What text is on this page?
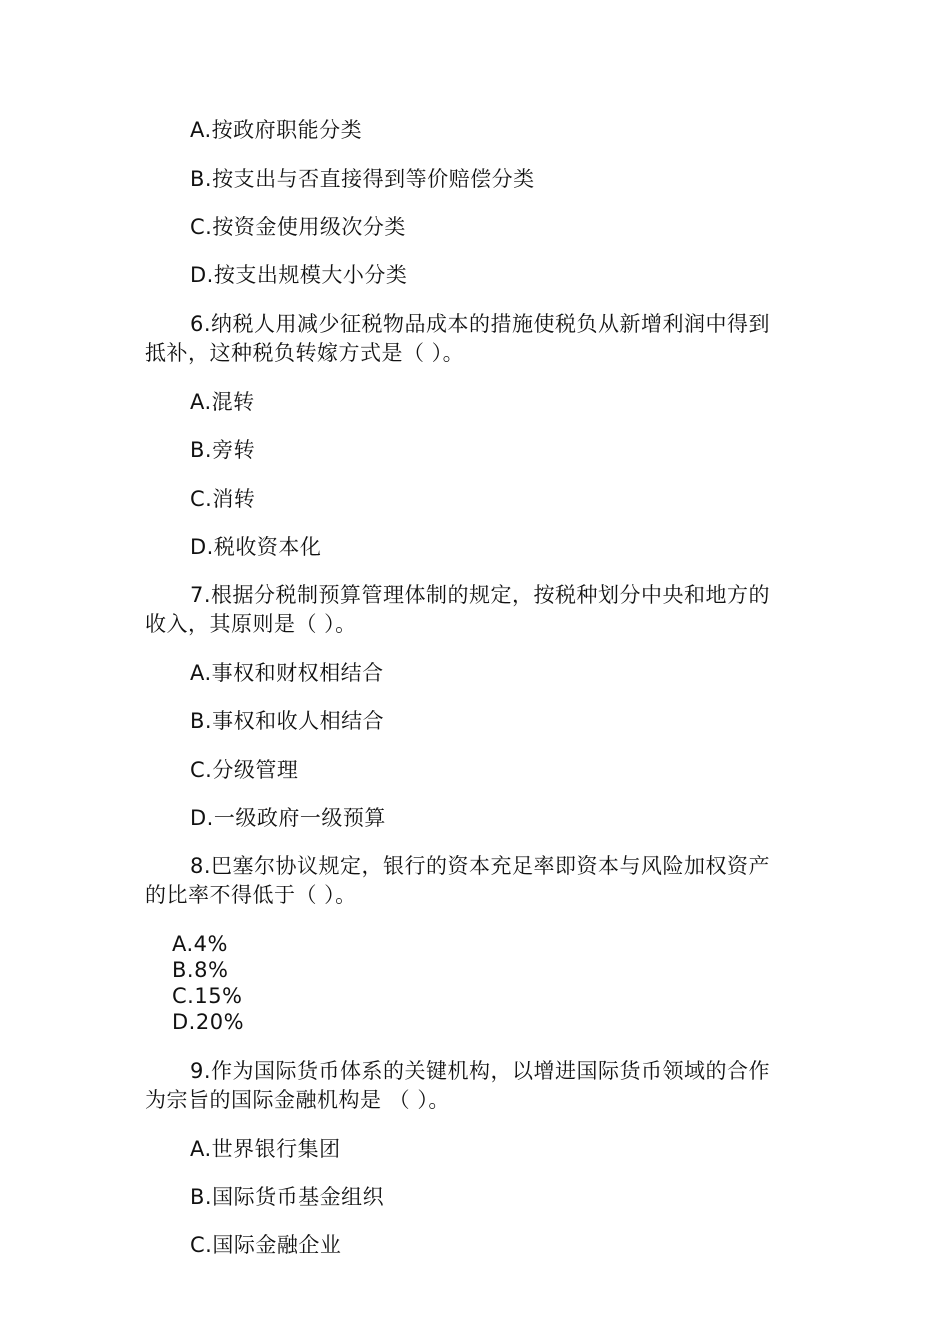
A.按政府职能分类
B.按支出与否直接得到等价赔偿分类
C.按资金使用级次分类
D.按支出规模大小分类
6.纳税人用减少征税物品成本的措施使税负从新增利润中得到
抵补，这种税负转嫁方式是（ ）。
A.混转
B.旁转
C.消转
D.税收资本化
7.根据分税制预算管理体制的规定，按税种划分中央和地方的
收入，其原则是（ ）。
A.事权和财权相结合
B.事权和收人相结合
C.分级管理
D.一级政府一级预算
8.巴塞尔协议规定，银行的资本充足率即资本与风险加权资产
的比率不得低于（ ）。
A.4%
B.8%
C.15%
D.20%
9.作为国际货币体系的关键机构，以增进国际货币领域的合作
为宗旨的国际金融机构是 （ ）。
A.世界银行集团
B.国际货币基金组织
C.国际金融企业
